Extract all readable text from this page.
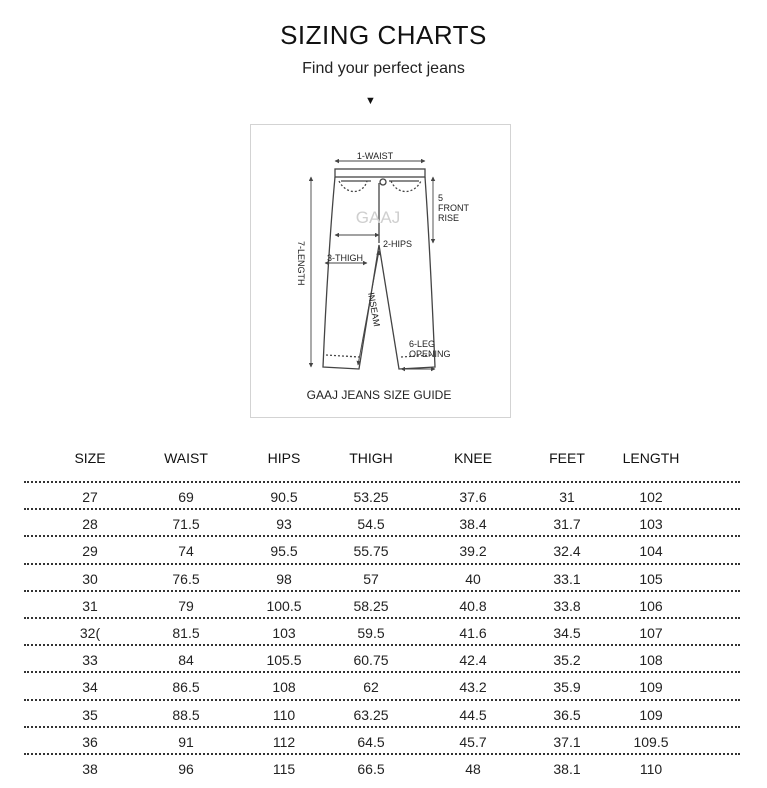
SIZING CHARTS
Find your perfect jeans
▼
GAAJ
1-WAIST
2-HIPS
3-THIGH
5
FRONT
RISE
6-LEG
OPENING
7-LENGTH
INSEAM
GAAJ JEANS SIZE GUIDE
SIZE	WAIST	HIPS	THIGH	KNEE	FEET	LENGTH
27	69	90.5	53.25	37.6	31	102
28	71.5	93	54.5	38.4	31.7	103
29	74	95.5	55.75	39.2	32.4	104
30	76.5	98	57	40	33.1	105
31	79	100.5	58.25	40.8	33.8	106
32(	81.5	103	59.5	41.6	34.5	107
33	84	105.5	60.75	42.4	35.2	108
34	86.5	108	62	43.2	35.9	109
35	88.5	110	63.25	44.5	36.5	109
36	91	112	64.5	45.7	37.1	109.5
38	96	115	66.5	48	38.1	110
